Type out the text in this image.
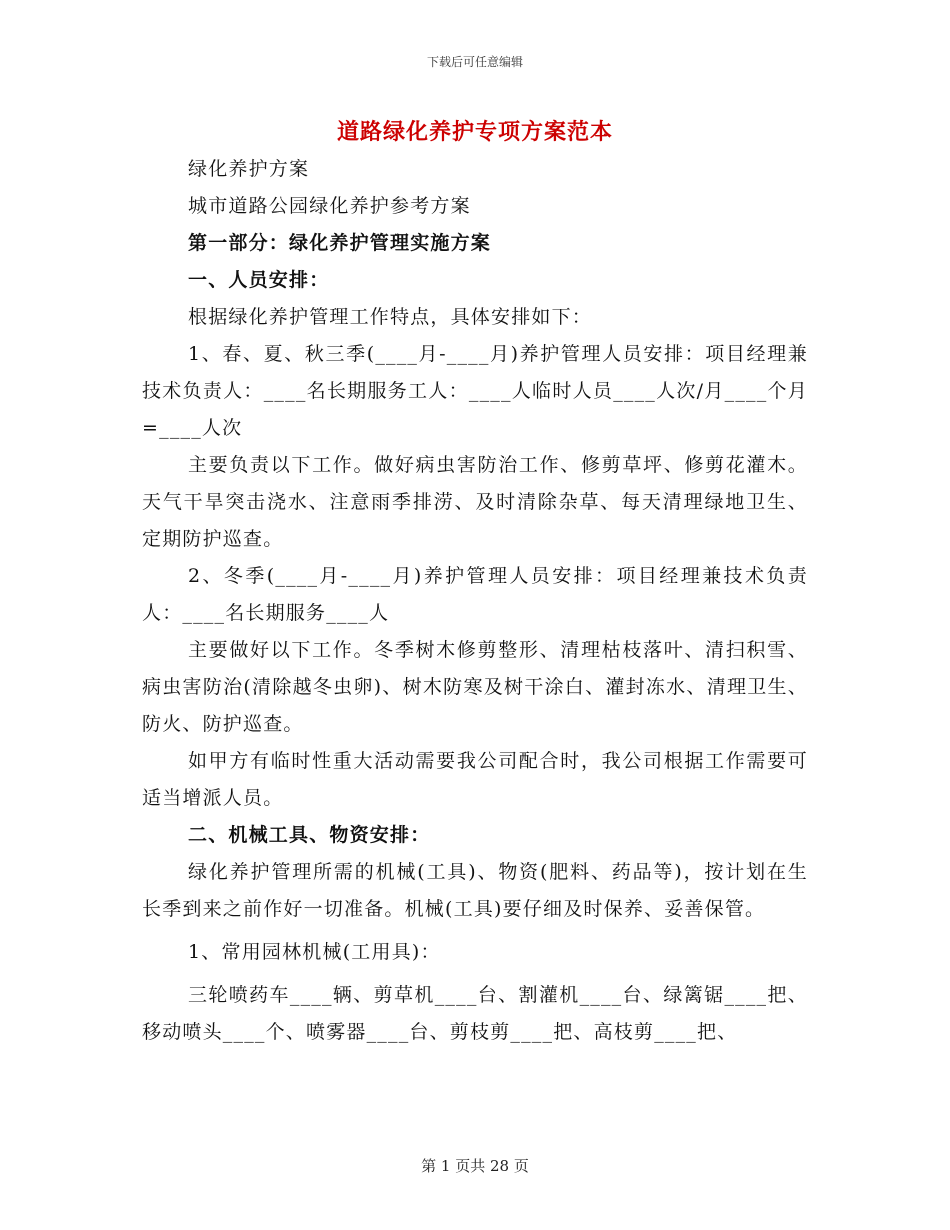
下载后可任意编辑
道路绿化养护专项方案范本

绿化养护方案

城市道路公园绿化养护参考方案

第一部分：绿化养护管理实施方案

一、人员安排：

根据绿化养护管理工作特点，具体安排如下：

1、春、夏、秋三季(____月-____月)养护管理人员安排：项目经理兼技术负责人：____名长期服务工人：____人临时人员____人次/月____个月=____人次

主要负责以下工作。做好病虫害防治工作、修剪草坪、修剪花灌木。天气干旱突击浇水、注意雨季排涝、及时清除杂草、每天清理绿地卫生、定期防护巡查。

2、冬季(____月-____月)养护管理人员安排：项目经理兼技术负责人：____名长期服务____人

主要做好以下工作。冬季树木修剪整形、清理枯枝落叶、清扫积雪、病虫害防治(清除越冬虫卵)、树木防寒及树干涂白、灌封冻水、清理卫生、防火、防护巡查。

如甲方有临时性重大活动需要我公司配合时，我公司根据工作需要可适当增派人员。

二、机械工具、物资安排：

绿化养护管理所需的机械(工具)、物资(肥料、药品等)，按计划在生长季到来之前作好一切准备。机械(工具)要仔细及时保养、妥善保管。

1、常用园林机械(工用具)：

三轮喷药车____辆、剪草机____台、割灌机____台、绿篱锯____把、移动喷头____个、喷雾器____台、剪枝剪____把、高枝剪____把、

第 1 页共 28 页
